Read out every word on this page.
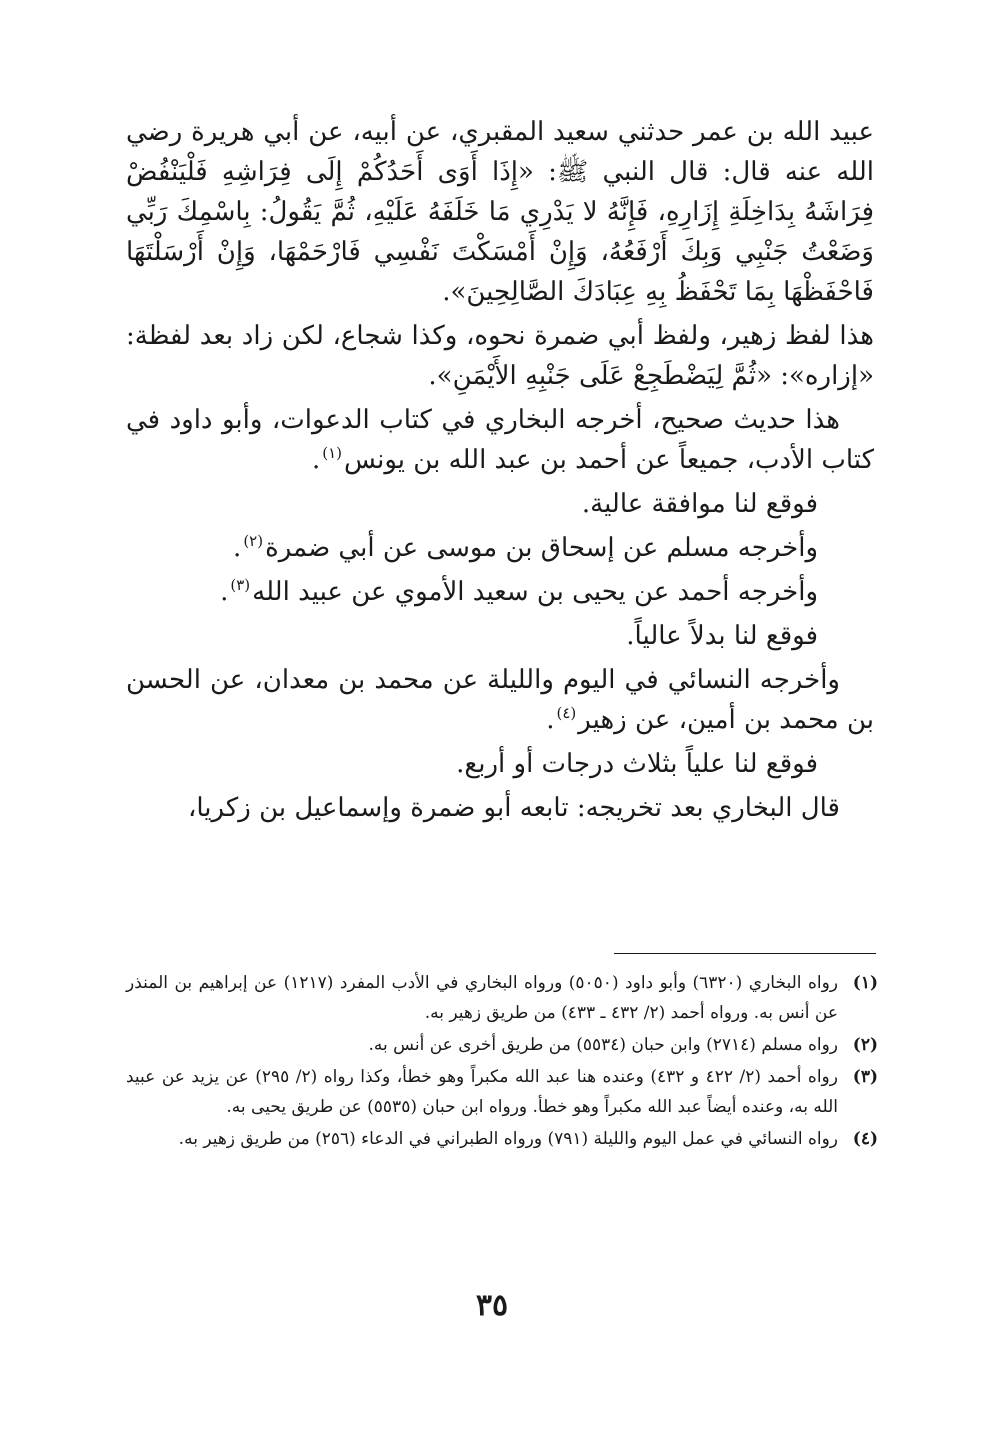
عبيد الله بن عمر حدثني سعيد المقبري، عن أبيه، عن أبي هريرة رضي الله عنه قال: قال النبي ﷺ: «إِذَا أَوَى أَحَدُكُمْ إِلَى فِرَاشِهِ فَلْيَنْفُضْ فِرَاشَهُ بِدَاخِلَةِ إِزَارِهِ، فَإِنَّهُ لا يَدْرِي مَا خَلَفَهُ عَلَيْهِ، ثُمَّ يَقُولُ: بِاسْمِكَ رَبِّي وَضَعْتُ جَنْبِي وَبِكَ أَرْفَعُهُ، وَإِنْ أَمْسَكْتَ نَفْسِي فَارْحَمْهَا، وَإِنْ أَرْسَلْتَهَا فَاحْفَظْهَا بِمَا تَحْفَظُ بِهِ عِبَادَكَ الصَّالِحِينَ».

هذا لفظ زهير، ولفظ أبي ضمرة نحوه، وكذا شجاع، لكن زاد بعد لفظة: «إزاره»: «ثُمَّ لِيَضْطَجِعْ عَلَى جَنْبِهِ الأَيْمَنِ».

هذا حديث صحيح، أخرجه البخاري في كتاب الدعوات، وأبو داود في كتاب الأدب، جميعاً عن أحمد بن عبد الله بن يونس$^{(١)}$.

فوقع لنا موافقة عالية.

وأخرجه مسلم عن إسحاق بن موسى عن أبي ضمرة$^{(٢)}$.

وأخرجه أحمد عن يحيى بن سعيد الأموي عن عبيد الله$^{(٣)}$.

فوقع لنا بدلاً عالياً.

وأخرجه النسائي في اليوم والليلة عن محمد بن معدان، عن الحسن بن محمد بن أمين، عن زهير$^{(٤)}$.

فوقع لنا علياً بثلاث درجات أو أربع.

قال البخاري بعد تخريجه: تابعه أبو ضمرة وإسماعيل بن زكريا،

(١)
رواه البخاري (٦٣٢٠) وأبو داود (٥٠٥٠) ورواه البخاري في الأدب المفرد (١٢١٧) عن إبراهيم بن المنذر عن أنس به. ورواه أحمد (٢/ ٤٣٢ ـ ٤٣٣) من طريق زهير به.
(٢)
رواه مسلم (٢٧١٤) وابن حبان (٥٥٣٤) من طريق أخرى عن أنس به.
(٣)
رواه أحمد (٢/ ٤٢٢ و ٤٣٢) وعنده هنا عبد الله مكبراً وهو خطأ، وكذا رواه (٢/ ٢٩٥) عن يزيد عن عبيد الله به، وعنده أيضاً عبد الله مكبراً وهو خطأ. ورواه ابن حبان (٥٥٣٥) عن طريق يحيى به.
(٤)
رواه النسائي في عمل اليوم والليلة (٧٩١) ورواه الطبراني في الدعاء (٢٥٦) من طريق زهير به.
٣٥
